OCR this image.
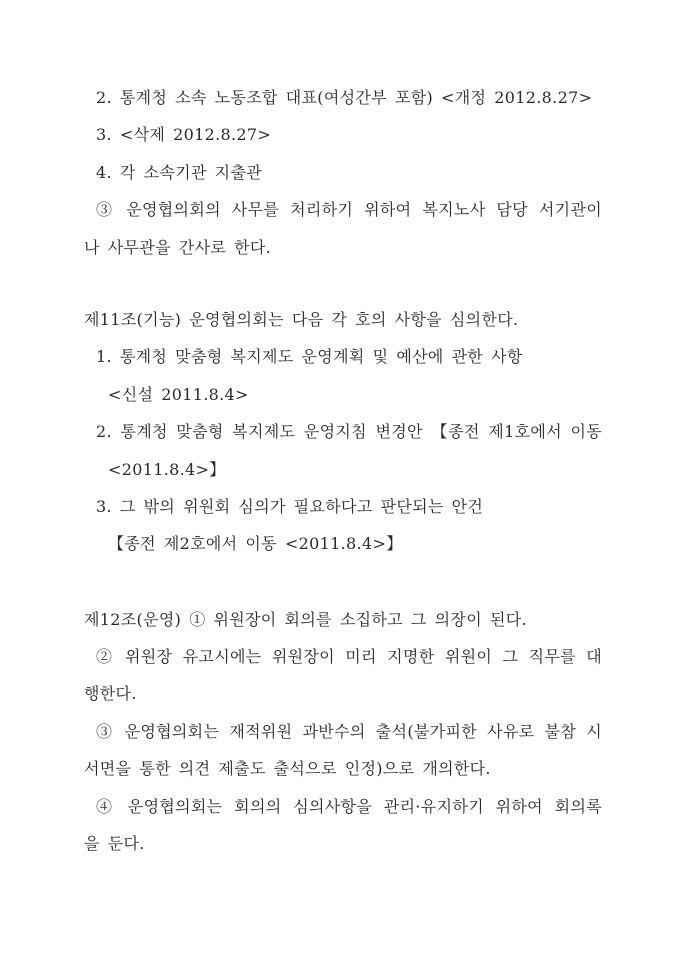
2. 통계청 소속 노동조합 대표(여성간부 포함) <개정 2012.8.27>
3. <삭제 2012.8.27>
4. 각 소속기관 지출관
③ 운영협의회의 사무를 처리하기 위하여 복지노사 담당 서기관이
나 사무관을 간사로 한다.
제11조(기능) 운영협의회는 다음 각 호의 사항을 심의한다.
1. 통계청 맞춤형 복지제도 운영계획 및 예산에 관한 사항
<신설 2011.8.4>
2. 통계청 맞춤형 복지제도 운영지침 변경안 【종전 제1호에서 이동
<2011.8.4>】
3. 그 밖의 위원회 심의가 필요하다고 판단되는 안건
【종전 제2호에서 이동 <2011.8.4>】
제12조(운영) ① 위원장이 회의를 소집하고 그 의장이 된다.
② 위원장 유고시에는 위원장이 미리 지명한 위원이 그 직무를 대
행한다.
③ 운영협의회는 재적위원 과반수의 출석(불가피한 사유로 불참 시
서면을 통한 의견 제출도 출석으로 인정)으로 개의한다.
④ 운영협의회는 회의의 심의사항을 관리·유지하기 위하여 회의록
을 둔다.
